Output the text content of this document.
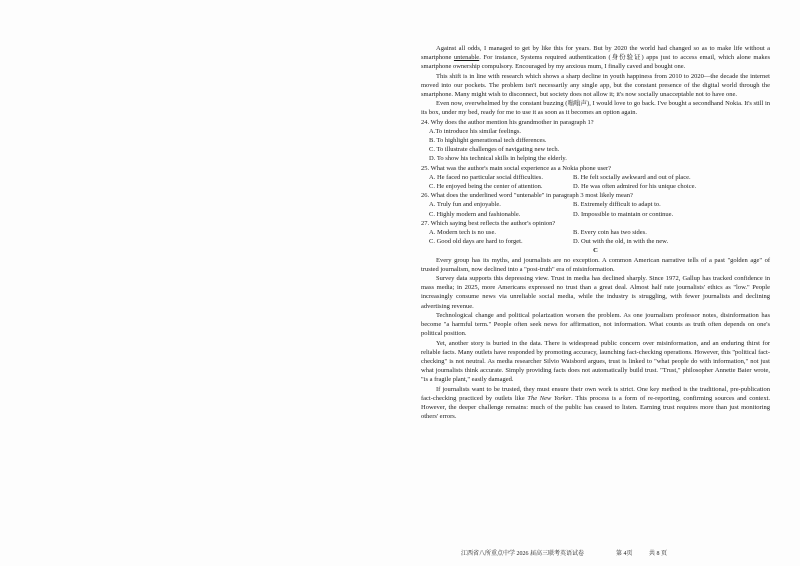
Against all odds, I managed to get by like this for years. But by 2020 the world had changed so as to make life without a smartphone untenable. For instance, Systems required authentication (身份验证) apps just to access email, which alone makes smartphone ownership compulsory. Encouraged by my anxious mum, I finally caved and bought one.

This shift is in line with research which shows a sharp decline in youth happiness from 2010 to 2020—the decade the internet moved into our pockets. The problem isn't necessarily any single app, but the constant presence of the digital world through the smartphone. Many might wish to disconnect, but society does not allow it; it's now socially unacceptable not to have one.

Even now, overwhelmed by the constant buzzing (嗡嗡声), I would love to go back. I've bought a secondhand Nokia. It's still in its box, under my bed, ready for me to use it as soon as it becomes an option again.

24. Why does the author mention his grandmother in paragraph 1?

A.To introduce his similar feelings.

B. To highlight generational tech differences.

C. To illustrate challenges of navigating new tech.

D. To show his technical skills in helping the elderly.

25. What was the author's main social experience as a Nokia phone user?

A. He faced no particular social difficulties.	B. He felt socially awkward and out of place.
C. He enjoyed being the center of attention.	D. He was often admired for his unique choice.

26. What does the underlined word "untenable" in paragraph 3 most likely mean?

A. Truly fun and enjoyable.	B. Extremely difficult to adapt to.
C. Highly modern and fashionable.	D. Impossible to maintain or continue.

27. Which saying best reflects the author's opinion?

A. Modern tech is no use.	B. Every coin has two sides.
C. Good old days are hard to forget.	D. Out with the old, in with the new.

C

Every group has its myths, and journalists are no exception. A common American narrative tells of a past "golden age" of trusted journalism, now declined into a "post-truth" era of misinformation.

Survey data supports this depressing view. Trust in media has declined sharply. Since 1972, Gallup has tracked confidence in mass media; in 2025, more Americans expressed no trust than a great deal. Almost half rate journalists' ethics as "low." People increasingly consume news via unreliable social media, while the industry is struggling, with fewer journalists and declining advertising revenue.

Technological change and political polarization worsen the problem. As one journalism professor notes, disinformation has become "a harmful term." People often seek news for affirmation, not information. What counts as truth often depends on one's political position.

Yet, another story is buried in the data. There is widespread public concern over misinformation, and an enduring thirst for reliable facts. Many outlets have responded by promoting accuracy, launching fact-checking operations. However, this "political fact-checking" is not neutral. As media researcher Silvio Waisbord argues, trust is linked to "what people do with information," not just what journalists think accurate. Simply providing facts does not automatically build trust. "Trust," philosopher Annette Baier wrote, "is a fragile plant," easily damaged.

If journalists want to be trusted, they must ensure their own work is strict. One key method is the traditional, pre-publication fact-checking practiced by outlets like The New Yorker. This process is a form of re-reporting, confirming sources and context. However, the deeper challenge remains: much of the public has ceased to listen. Earning trust requires more than just monitoring others' errors.

江西省八所重点中学 2026 届高三联考英语试卷	第 4页	共 8 页
